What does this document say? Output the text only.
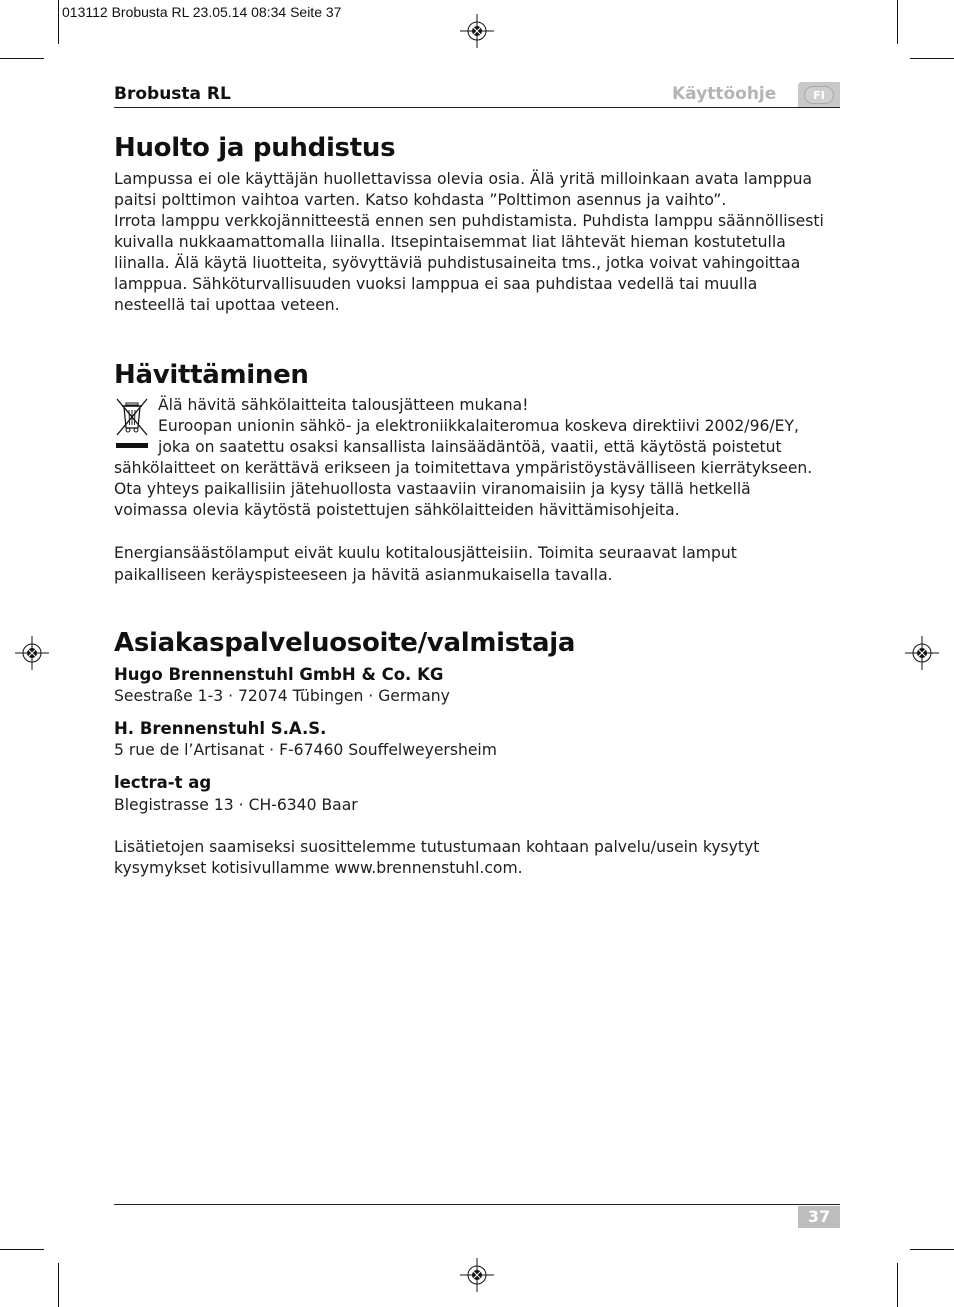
013112 Brobusta RL 23.05.14 08:34 Seite 37
Brobusta RL	Käyttöohje	FI
Huolto ja puhdistus

Lampussa ei ole käyttäjän huollettavissa olevia osia. Älä yritä milloinkaan avata lamppua
paitsi polttimon vaihtoa varten. Katso kohdasta ”Polttimon asennus ja vaihto”.
Irrota lamppu verkkojännitteestä ennen sen puhdistamista. Puhdista lamppu säännöllisesti
kuivalla nukkaamattomalla liinalla. Itsepintaisemmat liat lähtevät hieman kostutetulla
liinalla. Älä käytä liuotteita, syövyttäviä puhdistusaineita tms., jotka voivat vahingoittaa
lamppua. Sähköturvallisuuden vuoksi lamppua ei saa puhdistaa vedellä tai muulla
nesteellä tai upottaa veteen.

Hävittäminen

Älä hävitä sähkölaitteita talousjätteen mukana!
Euroopan unionin sähkö- ja elektroniikkalaiteromua koskeva direktiivi 2002/96/EY,
joka on saatettu osaksi kansallista lainsäädäntöä, vaatii, että käytöstä poistetut
sähkölaitteet on kerättävä erikseen ja toimitettava ympäristöystävälliseen kierrätykseen.
Ota yhteys paikallisiin jätehuollosta vastaaviin viranomaisiin ja kysy tällä hetkellä
voimassa olevia käytöstä poistettujen sähkölaitteiden hävittämisohjeita.

Energiansäästölamput eivät kuulu kotitalousjätteisiin. Toimita seuraavat lamput
paikalliseen keräyspisteeseen ja hävitä asianmukaisella tavalla.

Asiakaspalveluosoite/valmistaja
Hugo Brennenstuhl GmbH & Co. KG
Seestraße 1-3 · 72074 Tübingen · Germany
H. Brennenstuhl S.A.S.
5 rue de l’Artisanat · F-67460 Souffelweyersheim
lectra-t ag
Blegistrasse 13 · CH-6340 Baar

Lisätietojen saamiseksi suosittelemme tutustumaan kohtaan palvelu/usein kysytyt
kysymykset kotisivullamme www.brennenstuhl.com.

37
